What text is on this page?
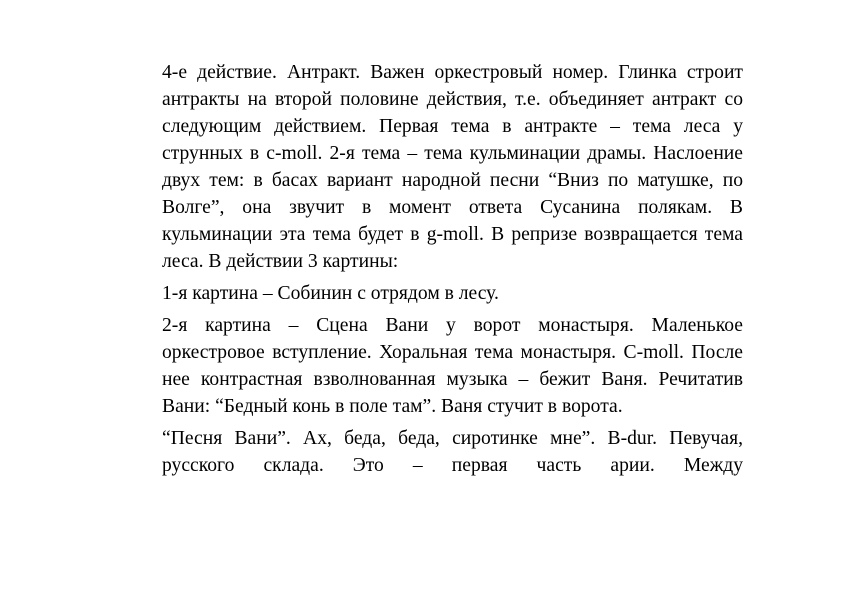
4-е действие. Антракт. Важен оркестровый номер. Глинка строит антракты на второй половине действия, т.е. объединяет антракт со следующим действием. Первая тема в антракте – тема леса у струнных в c-moll. 2-я тема – тема кульминации драмы. Наслоение двух тем: в басах вариант народной песни “Вниз по матушке, по Волге”, она звучит в момент ответа Сусанина полякам. В кульминации эта тема будет в g-moll. В репризе возвращается тема леса. В действии 3 картины:

1-я картина – Собинин с отрядом в лесу.

2-я картина – Сцена Вани у ворот монастыря. Маленькое оркестровое вступление. Хоральная тема монастыря. C-moll. После нее контрастная взволнованная музыка – бежит Ваня. Речитатив Вани: “Бедный конь в поле там”. Ваня стучит в ворота.

“Песня Вани”. Ах, беда, беда, сиротинке мне”. B-dur. Певучая, русского склада. Это – первая часть арии. Между
